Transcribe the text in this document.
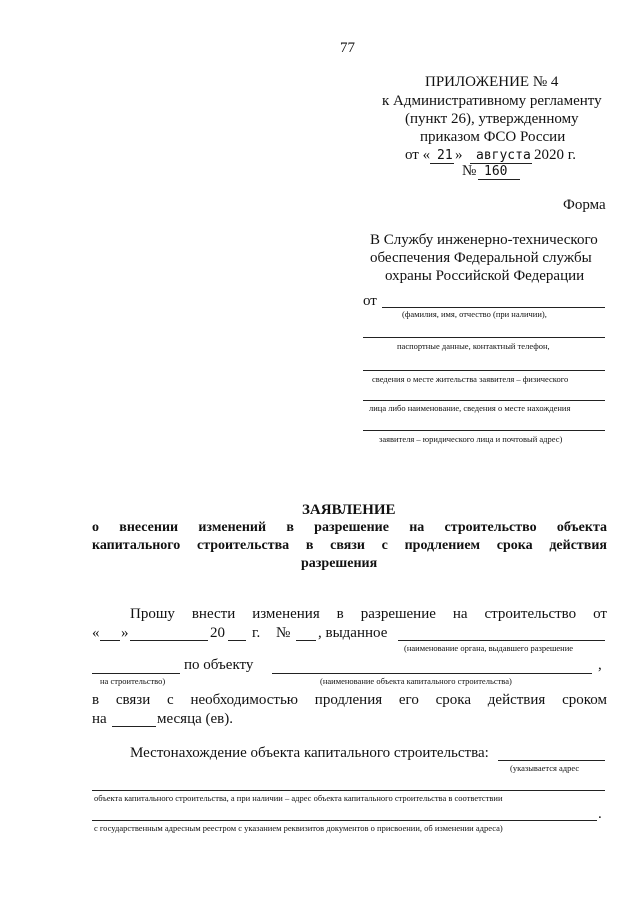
77
ПРИЛОЖЕНИЕ № 4
к Административному регламенту
(пункт 26), утвержденному
приказом ФСО России
от « 21 » августа 2020 г.
№ 160
Форма
В Службу инженерно-технического
обеспечения Федеральной службы
охраны Российской Федерации
от
(фамилия, имя, отчество (при наличии),
паспортные данные, контактный телефон,
сведения о месте жительства заявителя – физического
лица либо наименование, сведения о месте нахождения
заявителя – юридического лица и почтовый адрес)
ЗАЯВЛЕНИЕ
о внесении изменений в разрешение на строительство объекта
капитального строительства в связи с продлением срока действия
разрешения
Прошу внести изменения в разрешение на строительство от
« »	20 г. № , выданное
(наименование органа, выдавшего разрешение
на строительство)
по объекту	,
(наименование объекта капитального строительства)
в связи с необходимостью продления его срока действия сроком
на	месяца (ев).
Местонахождение объекта капитального строительства:
(указывается адрес
объекта капитального строительства, а при наличии – адрес объекта капитального строительства в соответствии
.
с государственным адресным реестром с указанием реквизитов документов о присвоении, об изменении адреса)
